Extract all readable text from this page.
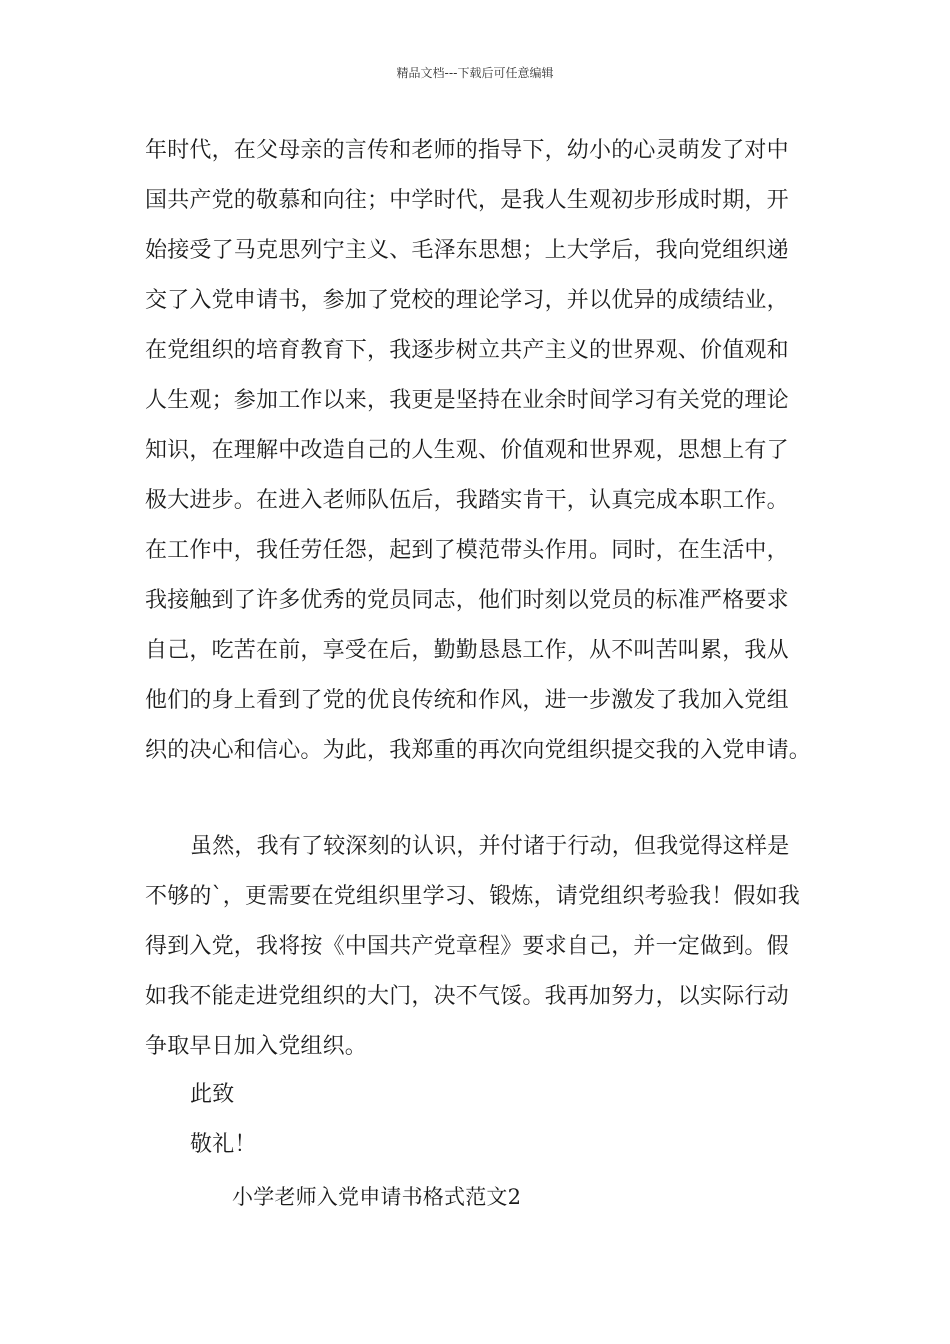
精品文档---下载后可任意编辑
年时代，在父母亲的言传和老师的指导下，幼小的心灵萌发了对中
国共产党的敬慕和向往；中学时代，是我人生观初步形成时期，开
始接受了马克思列宁主义、毛泽东思想；上大学后，我向党组织递
交了入党申请书，参加了党校的理论学习，并以优异的成绩结业，
在党组织的培育教育下，我逐步树立共产主义的世界观、价值观和
人生观；参加工作以来，我更是坚持在业余时间学习有关党的理论
知识，在理解中改造自己的人生观、价值观和世界观，思想上有了
极大进步。在进入老师队伍后，我踏实肯干，认真完成本职工作。
在工作中，我任劳任怨，起到了模范带头作用。同时，在生活中，
我接触到了许多优秀的党员同志，他们时刻以党员的标准严格要求
自己，吃苦在前，享受在后，勤勤恳恳工作，从不叫苦叫累，我从
他们的身上看到了党的优良传统和作风，进一步激发了我加入党组
织的决心和信心。为此，我郑重的再次向党组织提交我的入党申请。
虽然，我有了较深刻的认识，并付诸于行动，但我觉得这样是
不够的`，更需要在党组织里学习、锻炼，请党组织考验我！假如我
得到入党，我将按《中国共产党章程》要求自己，并一定做到。假
如我不能走进党组织的大门，决不气馁。我再加努力，以实际行动
争取早日加入党组织。
此致
敬礼！
小学老师入党申请书格式范文2
